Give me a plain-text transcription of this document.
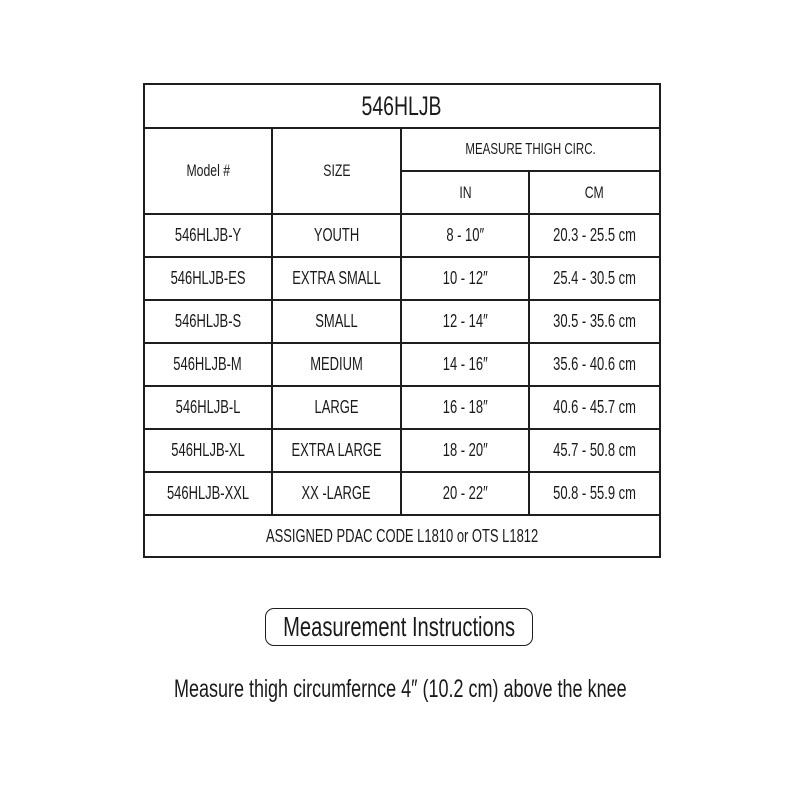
546HLJB			
Model #	SIZE	MEASURE THIGH CIRC.	
		IN	CM
546HLJB-Y	YOUTH	8 - 10″	20.3 - 25.5 cm
546HLJB-ES	EXTRA SMALL	10 - 12″	25.4 - 30.5 cm
546HLJB-S	SMALL	12 - 14″	30.5 - 35.6 cm
546HLJB-M	MEDIUM	14 - 16″	35.6 - 40.6 cm
546HLJB-L	LARGE	16 - 18″	40.6 - 45.7 cm
546HLJB-XL	EXTRA LARGE	18 - 20″	45.7 - 50.8 cm
546HLJB-XXL	XX -LARGE	20 - 22″	50.8 - 55.9 cm
ASSIGNED PDAC CODE L1810 or OTS L1812			
Measurement Instructions
Measure thigh circumfernce 4″ (10.2 cm) above the knee
